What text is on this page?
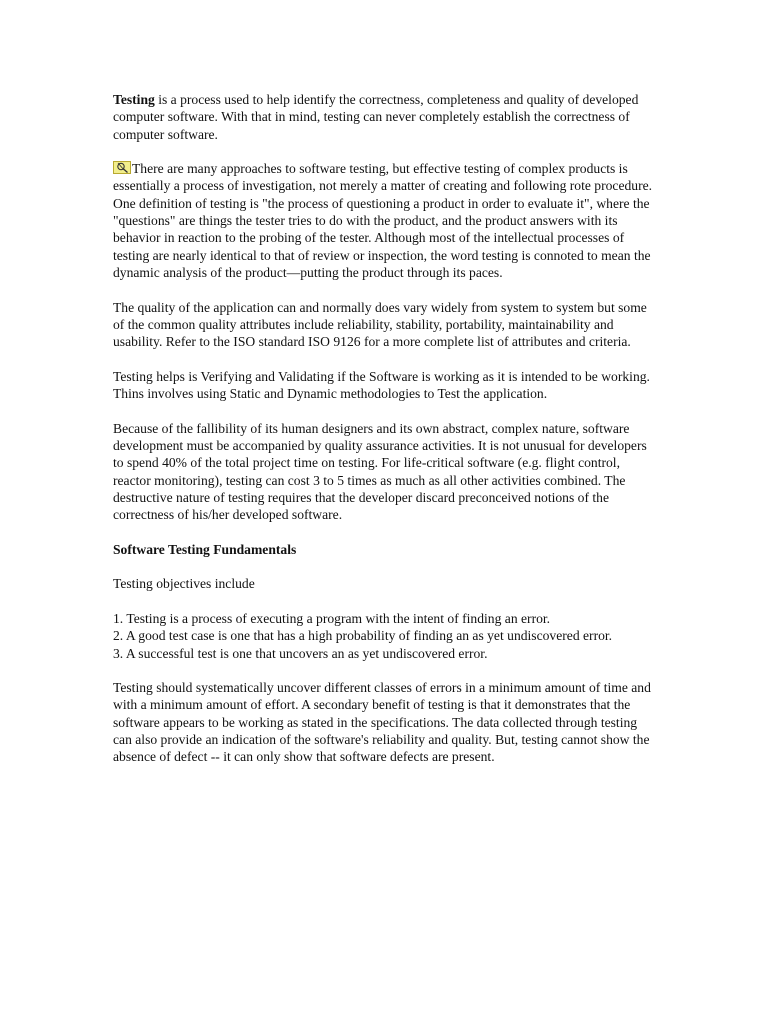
Testing is a process used to help identify the correctness, completeness and quality of developed computer software. With that in mind, testing can never completely establish the correctness of computer software.

There are many approaches to software testing, but effective testing of complex products is essentially a process of investigation, not merely a matter of creating and following rote procedure. One definition of testing is "the process of questioning a product in order to evaluate it", where the "questions" are things the tester tries to do with the product, and the product answers with its behavior in reaction to the probing of the tester. Although most of the intellectual processes of testing are nearly identical to that of review or inspection, the word testing is connoted to mean the dynamic analysis of the product—putting the product through its paces.

The quality of the application can and normally does vary widely from system to system but some of the common quality attributes include reliability, stability, portability, maintainability and usability. Refer to the ISO standard ISO 9126 for a more complete list of attributes and criteria.

Testing helps is Verifying and Validating if the Software is working as it is intended to be working. Thins involves using Static and Dynamic methodologies to Test the application.

Because of the fallibility of its human designers and its own abstract, complex nature, software development must be accompanied by quality assurance activities. It is not unusual for developers to spend 40% of the total project time on testing. For life-critical software (e.g. flight control, reactor monitoring), testing can cost 3 to 5 times as much as all other activities combined. The destructive nature of testing requires that the developer discard preconceived notions of the correctness of his/her developed software.

Software Testing Fundamentals

Testing objectives include

1. Testing is a process of executing a program with the intent of finding an error.

2. A good test case is one that has a high probability of finding an as yet undiscovered error.

3. A successful test is one that uncovers an as yet undiscovered error.

Testing should systematically uncover different classes of errors in a minimum amount of time and with a minimum amount of effort. A secondary benefit of testing is that it demonstrates that the software appears to be working as stated in the specifications. The data collected through testing can also provide an indication of the software's reliability and quality. But, testing cannot show the absence of defect -- it can only show that software defects are present.
